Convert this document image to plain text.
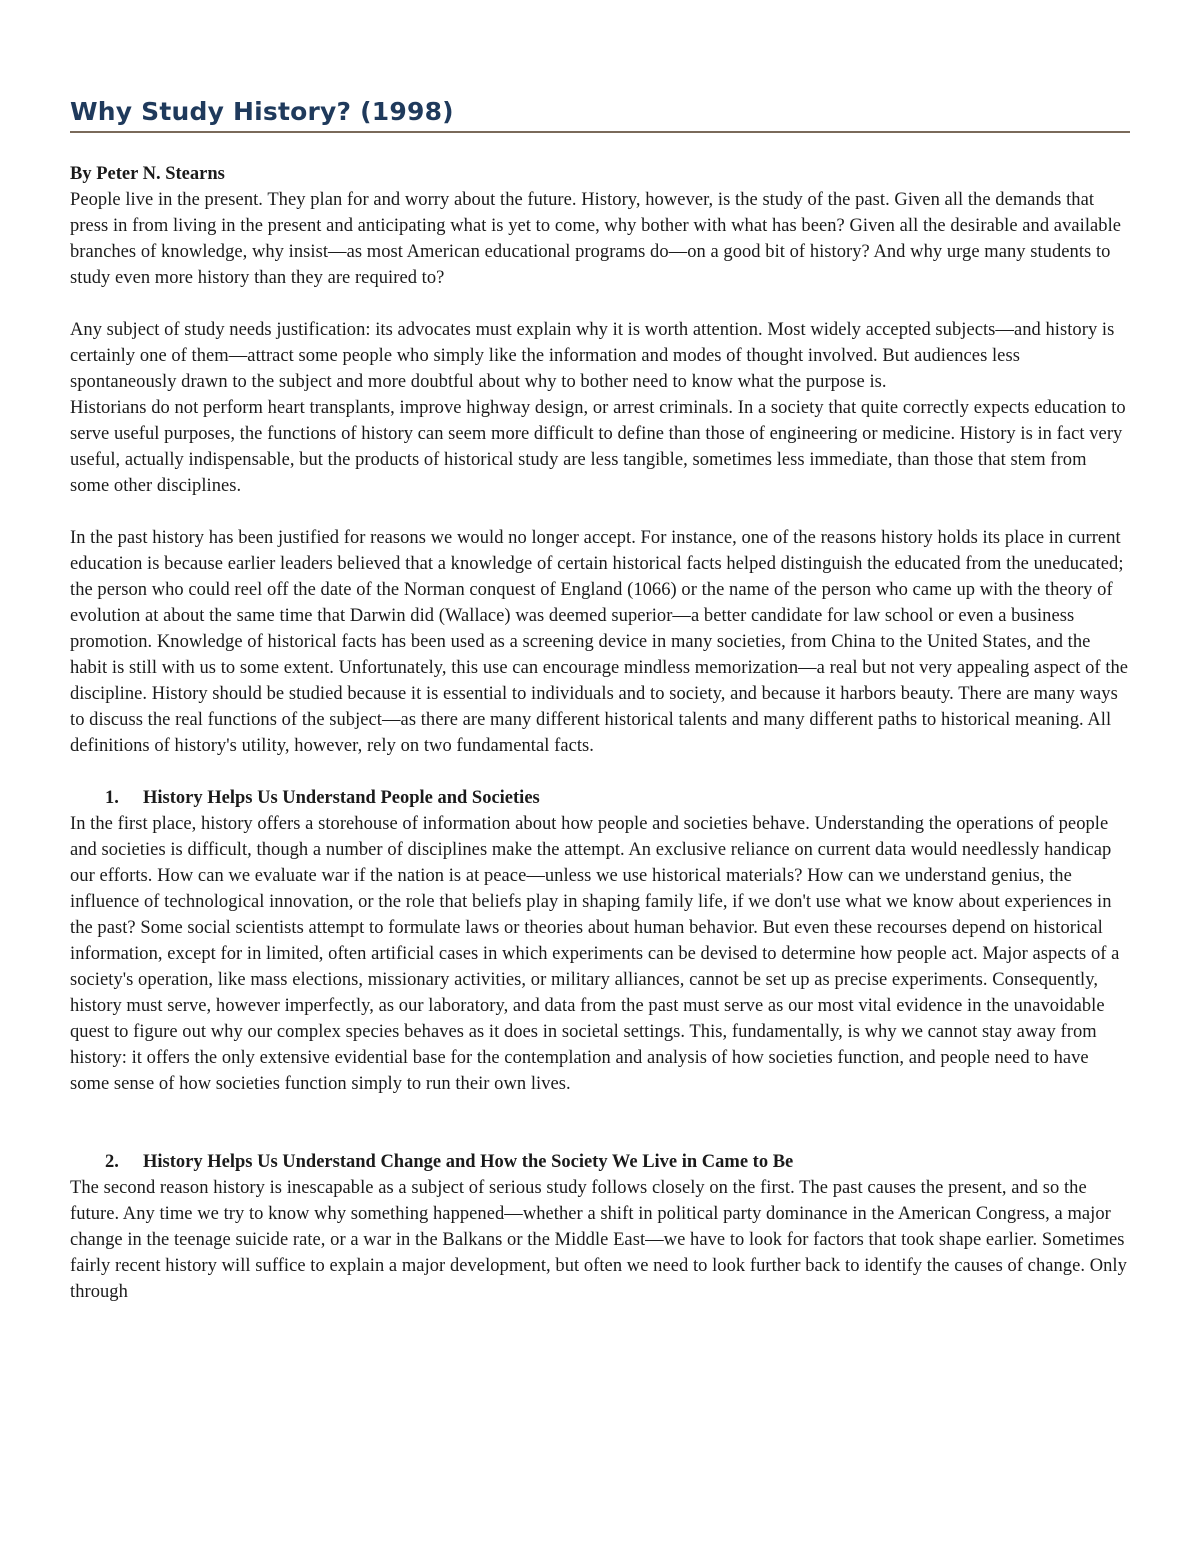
Why Study History? (1998)

By Peter N. Stearns

People live in the present. They plan for and worry about the future. History, however, is the study of the past. Given all the demands that press in from living in the present and anticipating what is yet to come, why bother with what has been? Given all the desirable and available branches of knowledge, why insist—as most American educational programs do—on a good bit of history? And why urge many students to study even more history than they are required to?

Any subject of study needs justification: its advocates must explain why it is worth attention. Most widely accepted subjects—and history is certainly one of them—attract some people who simply like the information and modes of thought involved. But audiences less spontaneously drawn to the subject and more doubtful about why to bother need to know what the purpose is.

Historians do not perform heart transplants, improve highway design, or arrest criminals. In a society that quite correctly expects education to serve useful purposes, the functions of history can seem more difficult to define than those of engineering or medicine. History is in fact very useful, actually indispensable, but the products of historical study are less tangible, sometimes less immediate, than those that stem from some other disciplines.

In the past history has been justified for reasons we would no longer accept. For instance, one of the reasons history holds its place in current education is because earlier leaders believed that a knowledge of certain historical facts helped distinguish the educated from the uneducated; the person who could reel off the date of the Norman conquest of England (1066) or the name of the person who came up with the theory of evolution at about the same time that Darwin did (Wallace) was deemed superior—a better candidate for law school or even a business promotion. Knowledge of historical facts has been used as a screening device in many societies, from China to the United States, and the habit is still with us to some extent. Unfortunately, this use can encourage mindless memorization—a real but not very appealing aspect of the discipline. History should be studied because it is essential to individuals and to society, and because it harbors beauty. There are many ways to discuss the real functions of the subject—as there are many different historical talents and many different paths to historical meaning. All definitions of history's utility, however, rely on two fundamental facts.

1.	History Helps Us Understand People and Societies

In the first place, history offers a storehouse of information about how people and societies behave. Understanding the operations of people and societies is difficult, though a number of disciplines make the attempt. An exclusive reliance on current data would needlessly handicap our efforts. How can we evaluate war if the nation is at peace—unless we use historical materials? How can we understand genius, the influence of technological innovation, or the role that beliefs play in shaping family life, if we don't use what we know about experiences in the past? Some social scientists attempt to formulate laws or theories about human behavior. But even these recourses depend on historical information, except for in limited, often artificial cases in which experiments can be devised to determine how people act. Major aspects of a society's operation, like mass elections, missionary activities, or military alliances, cannot be set up as precise experiments. Consequently, history must serve, however imperfectly, as our laboratory, and data from the past must serve as our most vital evidence in the unavoidable quest to figure out why our complex species behaves as it does in societal settings. This, fundamentally, is why we cannot stay away from history: it offers the only extensive evidential base for the contemplation and analysis of how societies function, and people need to have some sense of how societies function simply to run their own lives.

2.	History Helps Us Understand Change and How the Society We Live in Came to Be

The second reason history is inescapable as a subject of serious study follows closely on the first. The past causes the present, and so the future. Any time we try to know why something happened—whether a shift in political party dominance in the American Congress, a major change in the teenage suicide rate, or a war in the Balkans or the Middle East—we have to look for factors that took shape earlier. Sometimes fairly recent history will suffice to explain a major development, but often we need to look further back to identify the causes of change. Only through
